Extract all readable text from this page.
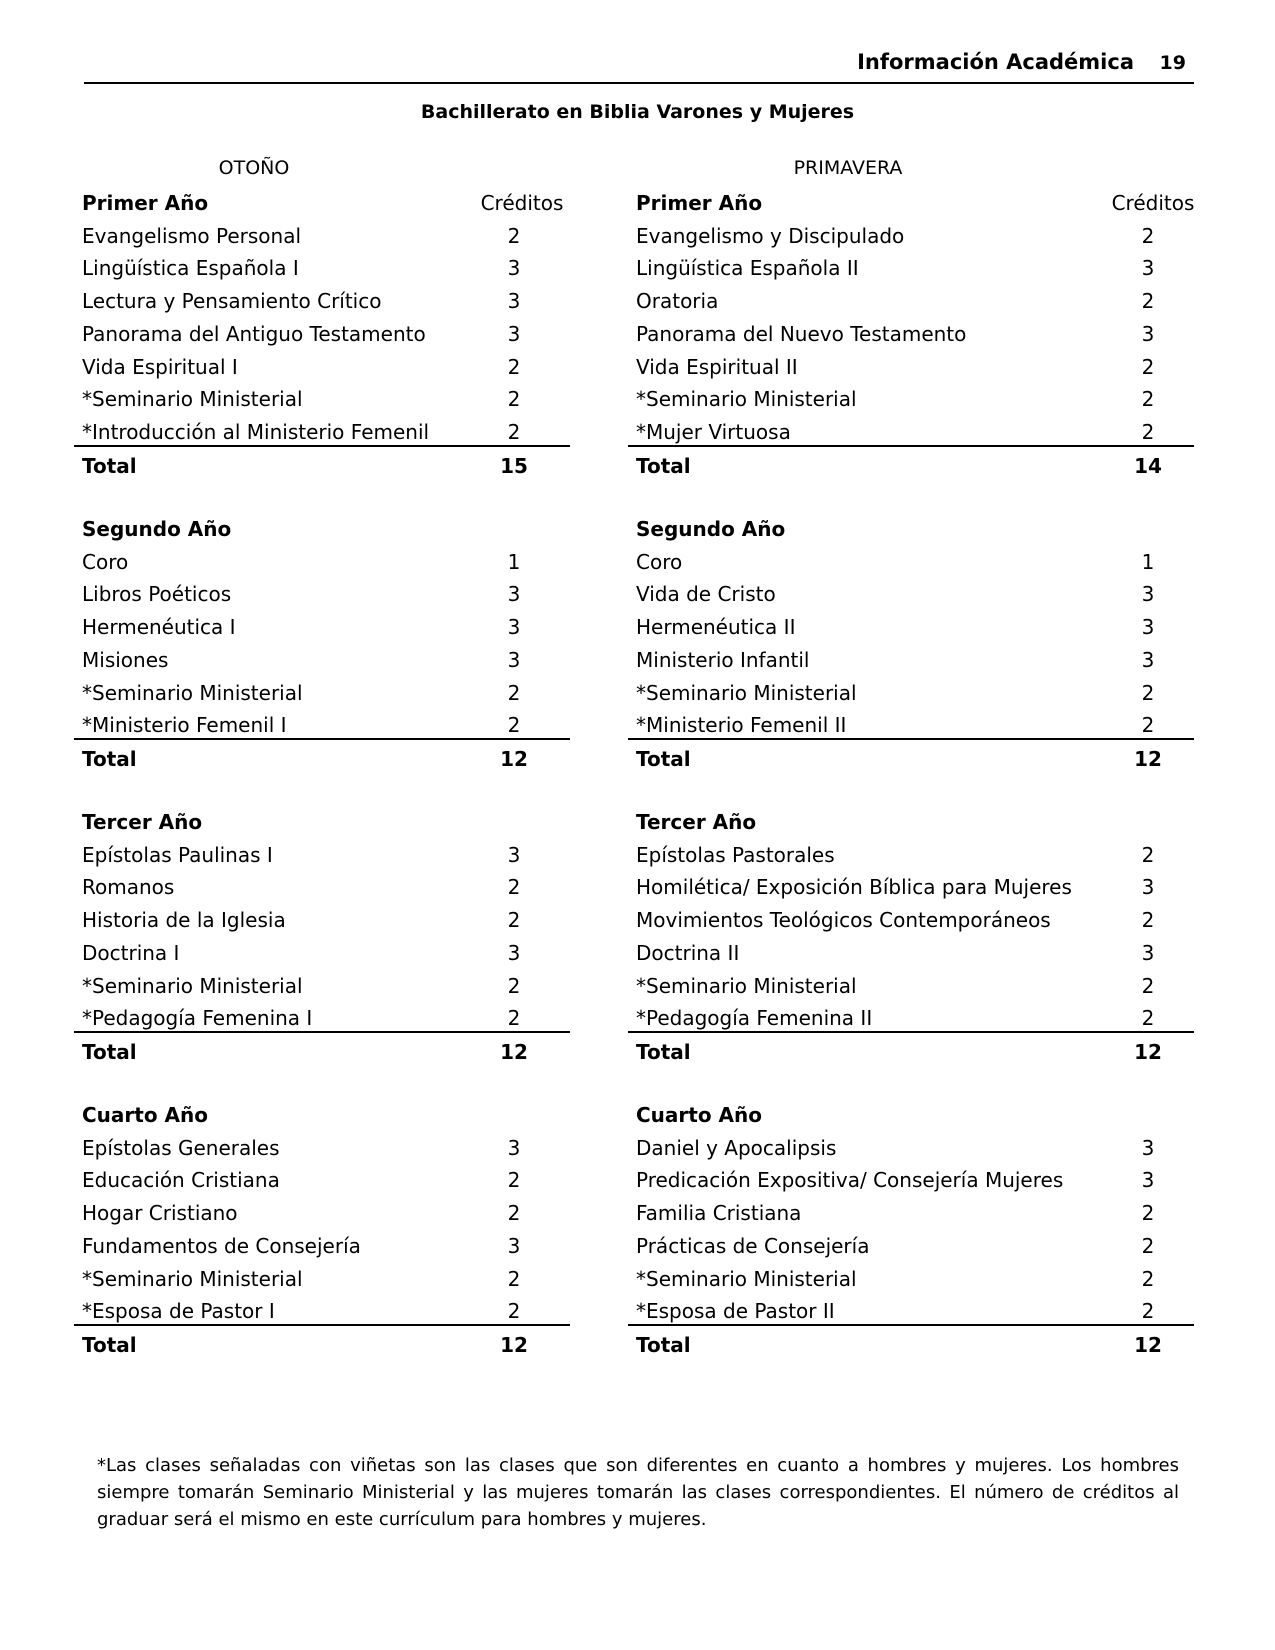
Información Académica 19
Bachillerato en Biblia Varones y Mujeres
OTOÑO
Primer Año	Créditos
Evangelismo Personal	2
Lingüística Española I	3
Lectura y Pensamiento Crítico	3
Panorama del Antiguo Testamento	3
Vida Espiritual I	2
*Seminario Ministerial	2
*Introducción al Ministerio Femenil	2
Total	15
Segundo Año
Coro	1
Libros Poéticos	3
Hermenéutica I	3
Misiones	3
*Seminario Ministerial	2
*Ministerio Femenil I	2
Total	12
Tercer Año
Epístolas Paulinas I	3
Romanos	2
Historia de la Iglesia	2
Doctrina I	3
*Seminario Ministerial	2
*Pedagogía Femenina I	2
Total	12
Cuarto Año
Epístolas Generales	3
Educación Cristiana	2
Hogar Cristiano	2
Fundamentos de Consejería	3
*Seminario Ministerial	2
*Esposa de Pastor I	2
Total	12
PRIMAVERA
Primer Año	Créditos
Evangelismo y Discipulado	2
Lingüística Española II	3
Oratoria	2
Panorama del Nuevo Testamento	3
Vida Espiritual II	2
*Seminario Ministerial	2
*Mujer Virtuosa	2
Total	14
Segundo Año
Coro	1
Vida de Cristo	3
Hermenéutica II	3
Ministerio Infantil	3
*Seminario Ministerial	2
*Ministerio Femenil II	2
Total	12
Tercer Año
Epístolas Pastorales	2
Homilética/ Exposición Bíblica para Mujeres	3
Movimientos Teológicos Contemporáneos	2
Doctrina II	3
*Seminario Ministerial	2
*Pedagogía Femenina II	2
Total	12
Cuarto Año
Daniel y Apocalipsis	3
Predicación Expositiva/ Consejería Mujeres	3
Familia Cristiana	2
Prácticas de Consejería	2
*Seminario Ministerial	2
*Esposa de Pastor II	2
Total	12
*Las clases señaladas con viñetas son las clases que son diferentes en cuanto a hombres y mujeres. Los hombres siempre tomarán Seminario Ministerial y las mujeres tomarán las clases correspondientes. El número de créditos al graduar será el mismo en este currículum para hombres y mujeres.
